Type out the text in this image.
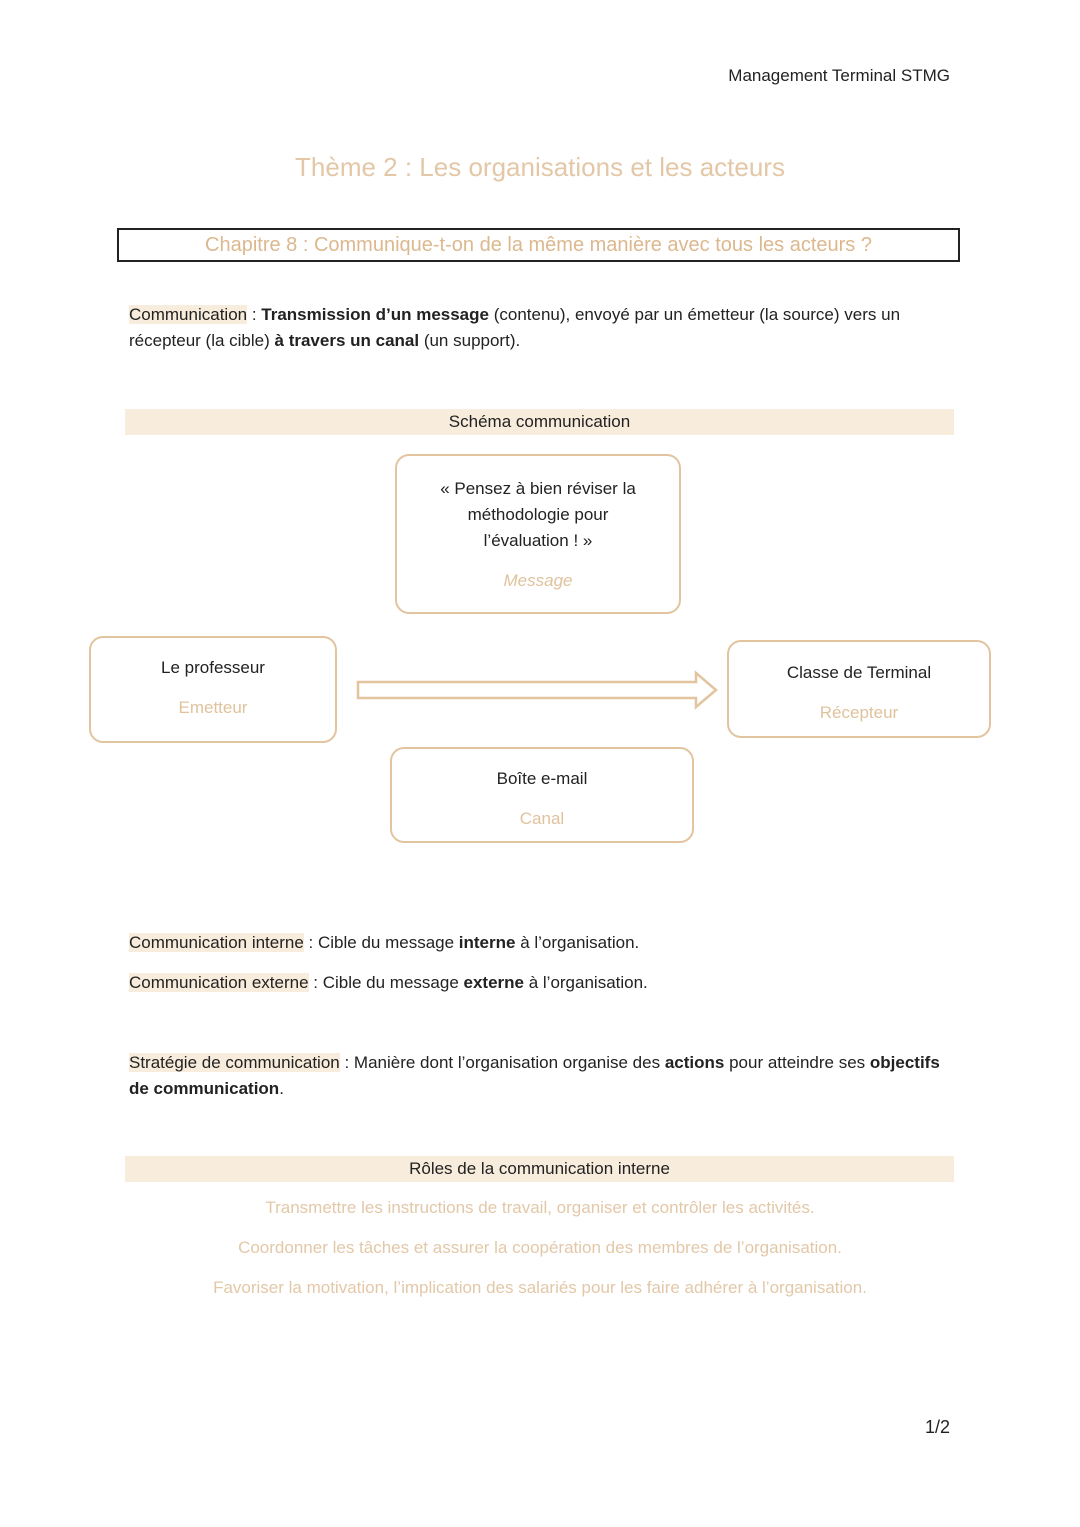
Management Terminal STMG
Thème 2 : Les organisations et les acteurs
Chapitre 8 : Communique-t-on de la même manière avec tous les acteurs ?
Communication : Transmission d’un message (contenu), envoyé par un émetteur (la source) vers un récepteur (la cible) à travers un canal (un support).
Schéma communication
« Pensez à bien réviser la
méthodologie pour
l’évaluation ! »
Message
Le professeur
Emetteur
Classe de Terminal
Récepteur
Boîte e-mail
Canal
Communication interne : Cible du message interne à l’organisation.
Communication externe : Cible du message externe à l’organisation.
Stratégie de communication : Manière dont l’organisation organise des actions pour atteindre ses objectifs de communication.
Rôles de la communication interne
Transmettre les instructions de travail, organiser et contrôler les activités.
Coordonner les tâches et assurer la coopération des membres de l’organisation.
Favoriser la motivation, l’implication des salariés pour les faire adhérer à l’organisation.
1/2
